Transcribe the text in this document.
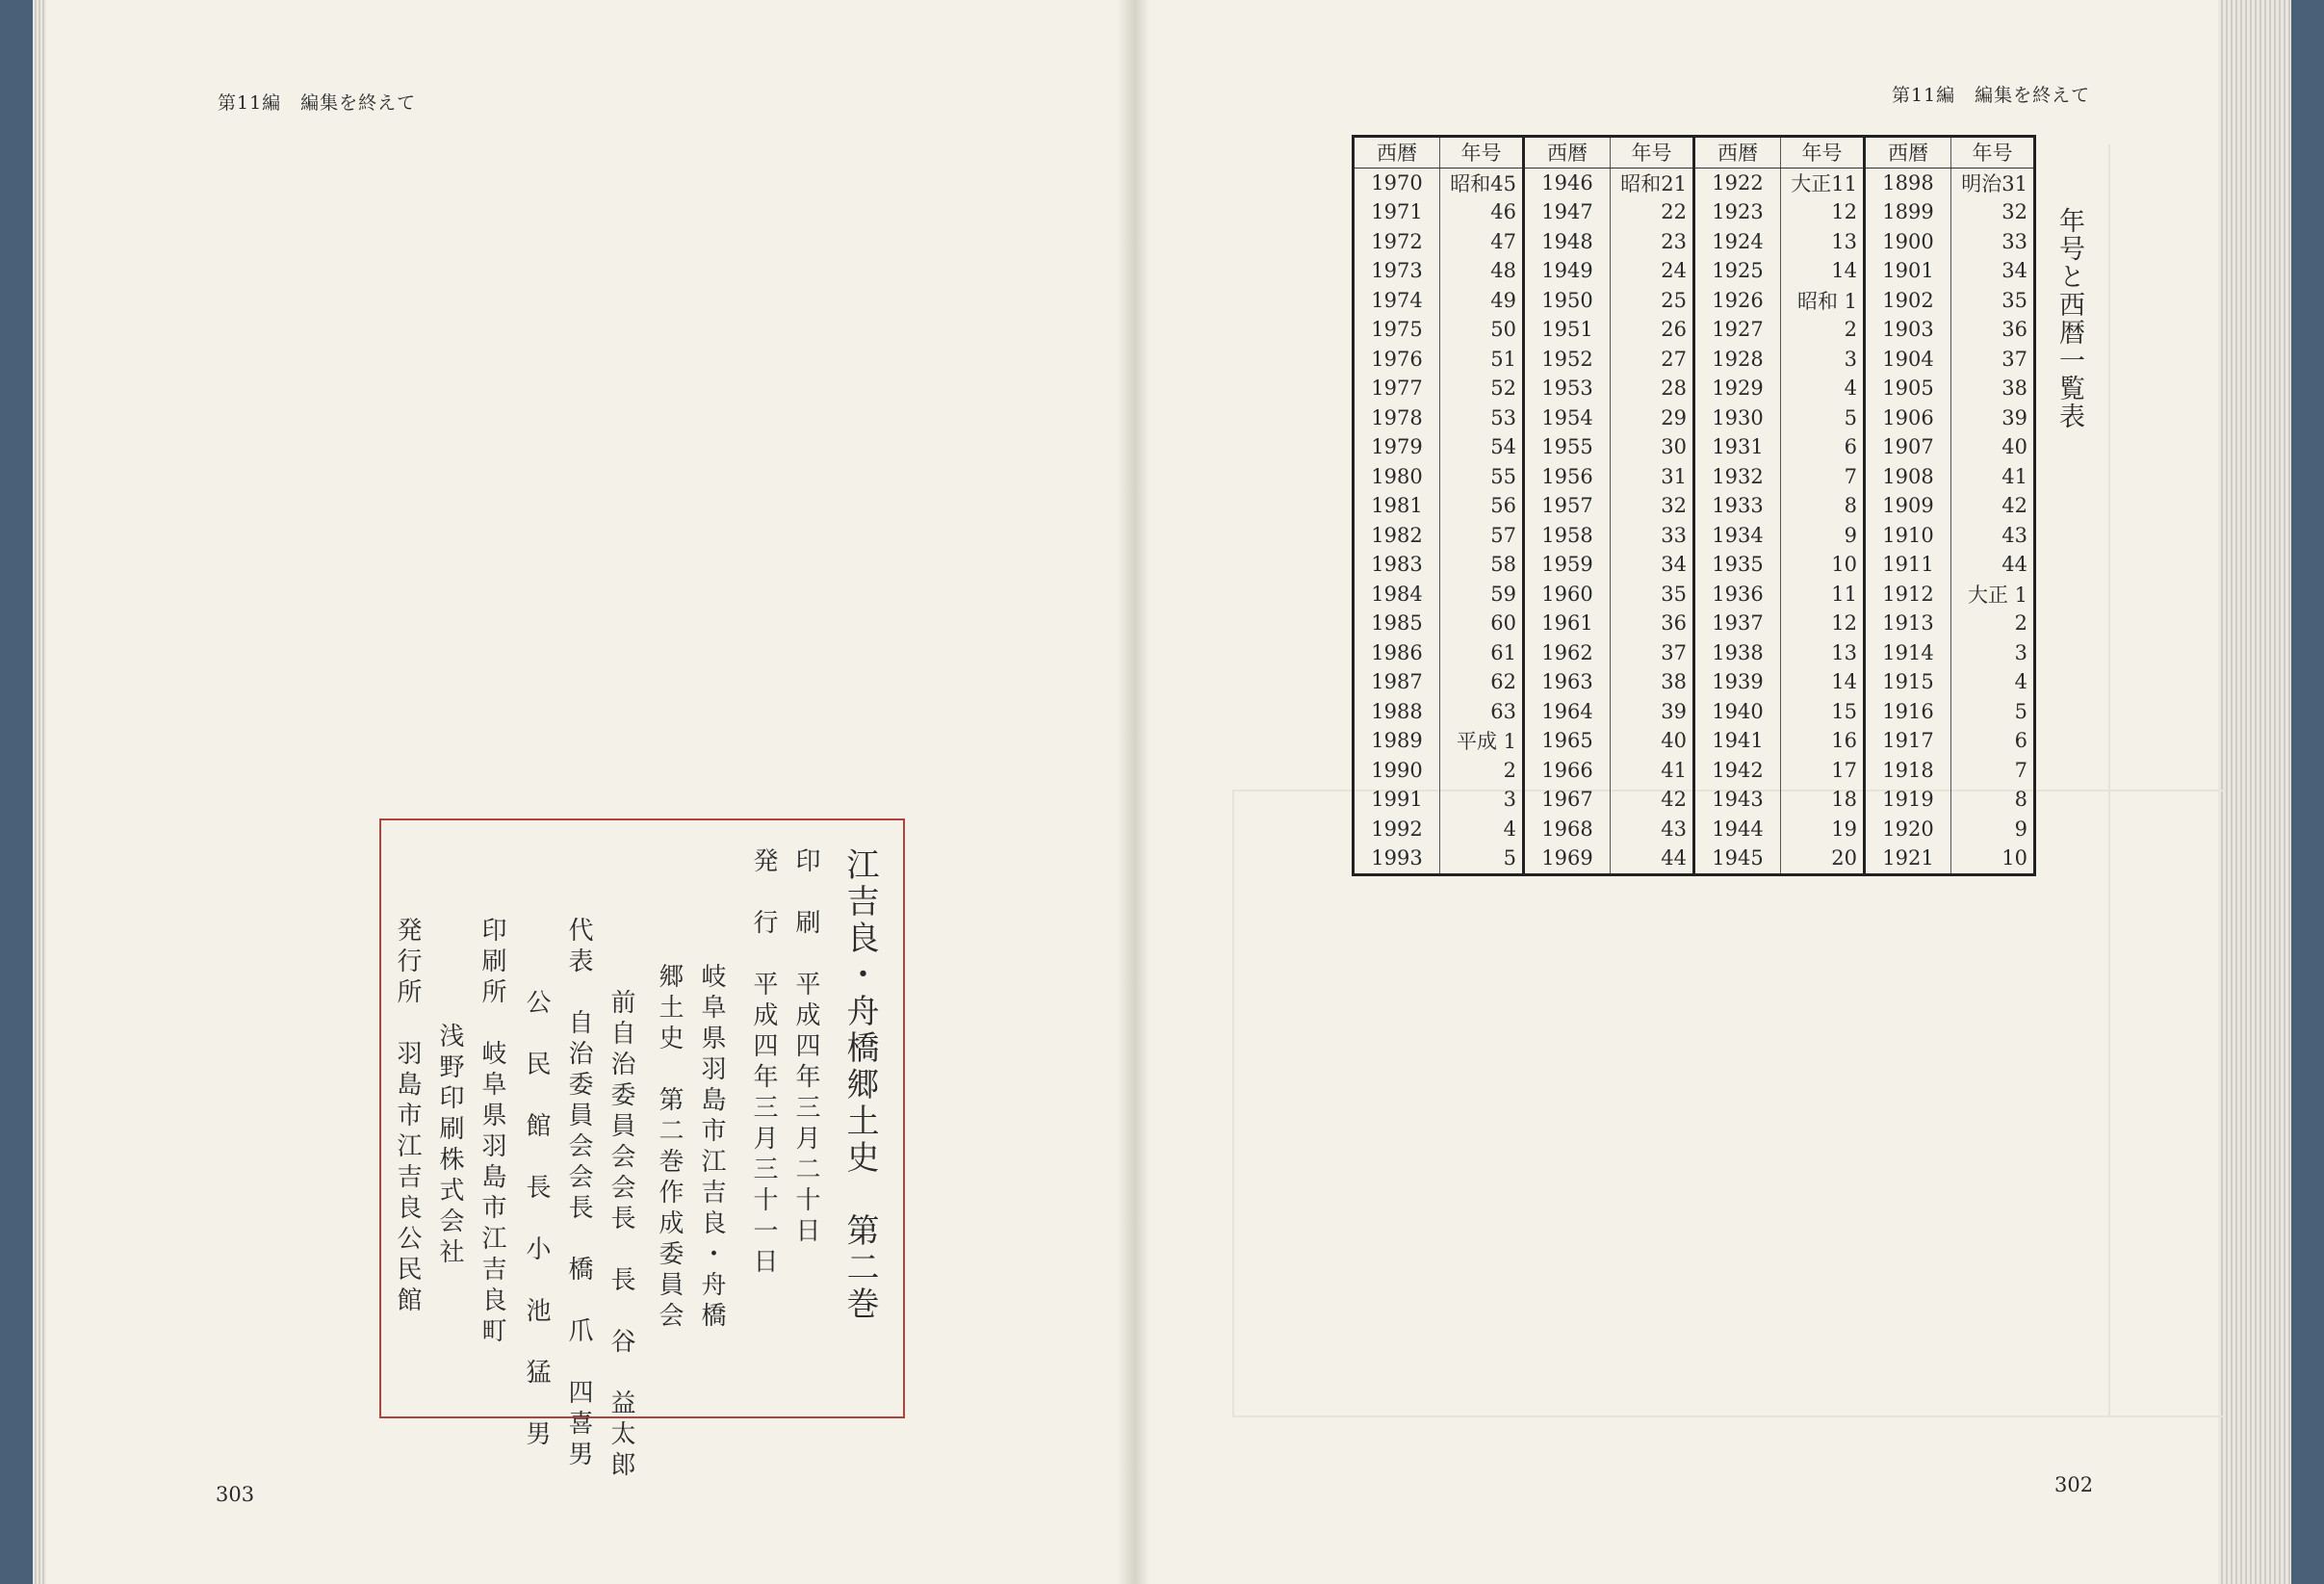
第11編　編集を終えて
江吉良・舟橋郷土史　第二巻
印　刷　平成四年三月二十日
発　行　平成四年三月三十一日
岐阜県羽島市江吉良・舟橋
郷土史　第二巻作成委員会
前自治委員会会長　長　谷　益太郎
代表　自治委員会会長　橋　爪　四喜男
公　民　館　長　小　池　猛　男
印刷所　岐阜県羽島市江吉良町
浅野印刷株式会社
発行所　羽島市江吉良公民館
303
第11編　編集を終えて
西暦	年号	西暦	年号	西暦	年号	西暦	年号
1970	昭和45	1946	昭和21	1922	大正11	1898	明治31
1971	46	1947	22	1923	12	1899	32
1972	47	1948	23	1924	13	1900	33
1973	48	1949	24	1925	14	1901	34
1974	49	1950	25	1926	昭和 1	1902	35
1975	50	1951	26	1927	2	1903	36
1976	51	1952	27	1928	3	1904	37
1977	52	1953	28	1929	4	1905	38
1978	53	1954	29	1930	5	1906	39
1979	54	1955	30	1931	6	1907	40
1980	55	1956	31	1932	7	1908	41
1981	56	1957	32	1933	8	1909	42
1982	57	1958	33	1934	9	1910	43
1983	58	1959	34	1935	10	1911	44
1984	59	1960	35	1936	11	1912	大正 1
1985	60	1961	36	1937	12	1913	2
1986	61	1962	37	1938	13	1914	3
1987	62	1963	38	1939	14	1915	4
1988	63	1964	39	1940	15	1916	5
1989	平成 1	1965	40	1941	16	1917	6
1990	2	1966	41	1942	17	1918	7
1991	3	1967	42	1943	18	1919	8
1992	4	1968	43	1944	19	1920	9
1993	5	1969	44	1945	20	1921	10
年号と西暦一覧表
302
